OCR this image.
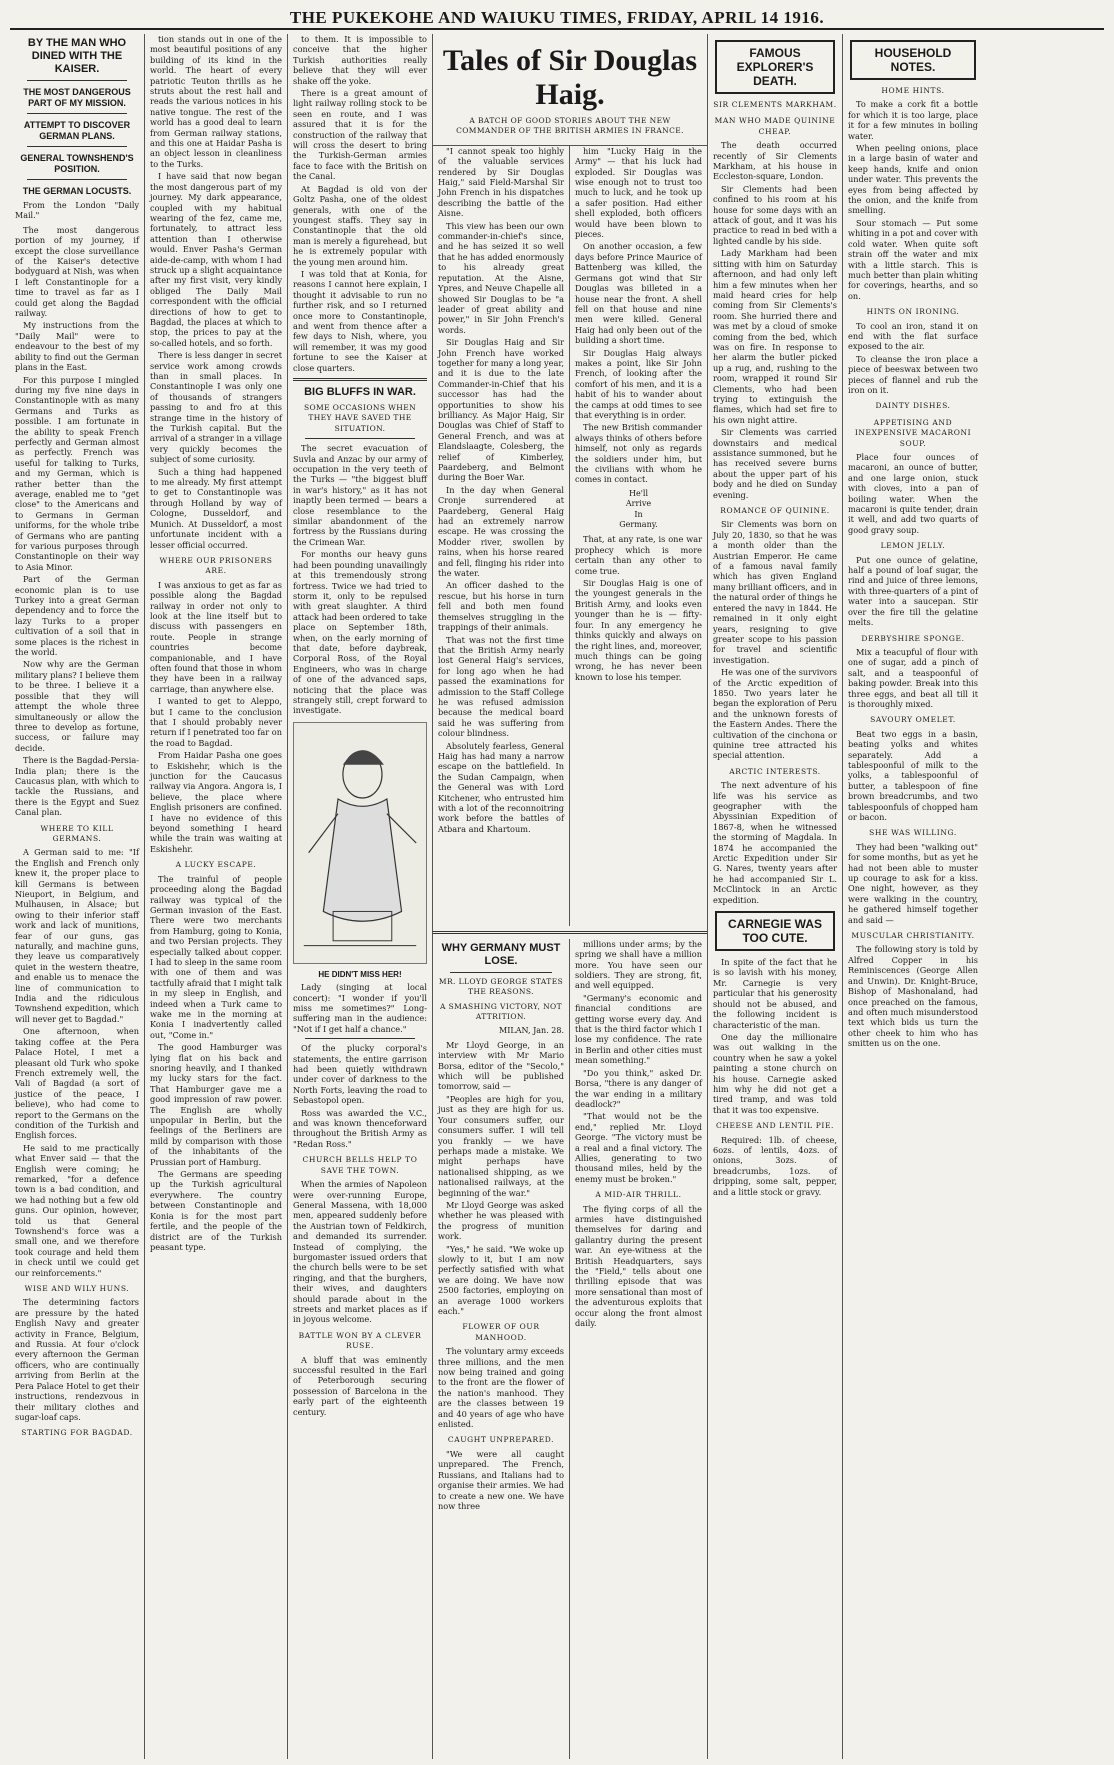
THE PUKEKOHE AND WAIUKU TIMES, FRIDAY, APRIL 14 1916.
BY THE MAN WHO DINED WITH THE KAISER.
THE MOST DANGEROUS PART OF MY MISSION.
ATTEMPT TO DISCOVER GERMAN PLANS.
GENERAL TOWNSHEND'S POSITION.
THE GERMAN LOCUSTS.
From the London "Daily Mail."

The most dangerous portion of my journey, if except the close surveillance of the Kaiser's detective bodyguard at Nish, was when I left Constantinople for a time to travel as far as I could get along the Bagdad railway.

My instructions from the "Daily Mail" were to endeavour to the best of my ability to find out the German plans in the East.

For this purpose I mingled during my five nine days in Constantinople with as many Germans and Turks as possible. I am fortunate in the ability to speak French perfectly and German almost as perfectly. French was useful for talking to Turks, and my German, which is rather better than the average, enabled me to "get close" to the Americans and to Germans in German uniforms, for the whole tribe of Germans who are panting for various purposes through Constantinople on their way to Asia Minor.

Part of the German economic plan is to use Turkey into a great German dependency and to force the lazy Turks to a proper cultivation of a soil that in some places is the richest in the world.

Now why are the German military plans? I believe them to be three. I believe it a possible that they will attempt the whole three simultaneously or allow the three to develop as fortune, success, or failure may decide.

There is the Bagdad-Persia-India plan; there is the Caucasus plan, with which to tackle the Russians, and there is the Egypt and Suez Canal plan.

WHERE TO KILL GERMANS.

A German said to me: "If the English and French only knew it, the proper place to kill Germans is between Nieuport, in Belgium, and Mulhausen, in Alsace; but owing to their inferior staff work and lack of munitions, fear of our guns, gas naturally, and machine guns, they leave us comparatively quiet in the western theatre, and enable us to menace the line of communication to India and the ridiculous Townshend expedition, which will never get to Bagdad."

One afternoon, when taking coffee at the Pera Palace Hotel, I met a pleasant old Turk who spoke French extremely well, the Vali of Bagdad (a sort of justice of the peace, I believe), who had come to report to the Germans on the condition of the Turkish and English forces.

He said to me practically what Enver said — that the English were coming; he remarked, "for a defence town is a bad condition, and we had nothing but a few old guns. Our opinion, however, told us that General Townshend's force was a small one, and we therefore took courage and held them in check until we could get our reinforcements."

WISE AND WILY HUNS.

The determining factors are pressure by the hated English Navy and greater activity in France, Belgium, and Russia. At four o'clock every afternoon the German officers, who are continually arriving from Berlin at the Pera Palace Hotel to get their instructions, rendezvous in their military clothes and sugar-loaf caps.

STARTING FOR BAGDAD.

tion stands out in one of the most beautiful positions of any building of its kind in the world. The heart of every patriotic Teuton thrills as he struts about the rest hall and reads the various notices in his native tongue. The rest of the world has a good deal to learn from German railway stations, and this one at Haidar Pasha is an object lesson in cleanliness to the Turks.

I have said that now began the most dangerous part of my journey. My dark appearance, coupled with my habitual wearing of the fez, came me, fortunately, to attract less attention than I otherwise would. Enver Pasha's German aide-de-camp, with whom I had struck up a slight acquaintance after my first visit, very kindly obliged The Daily Mail correspondent with the official directions of how to get to Bagdad, the places at which to stop, the prices to pay at the so-called hotels, and so forth.

There is less danger in secret service work among crowds than in small places. In Constantinople I was only one of thousands of strangers passing to and fro at this strange time in the history of the Turkish capital. But the arrival of a stranger in a village very quickly becomes the subject of some curiosity.

Such a thing had happened to me already. My first attempt to get to Constantinople was through Holland by way of Cologne, Dusseldorf, and Munich. At Dusseldorf, a most unfortunate incident with a lesser official occurred.

WHERE OUR PRISONERS ARE.

I was anxious to get as far as possible along the Bagdad railway in order not only to look at the line itself but to discuss with passengers en route. People in strange countries become companionable, and I have often found that those in whom they have been in a railway carriage, than anywhere else.

I wanted to get to Aleppo, but I came to the conclusion that I should probably never return if I penetrated too far on the road to Bagdad.

From Haidar Pasha one goes to Eskishehr, which is the junction for the Caucasus railway via Angora. Angora is, I believe, the place where English prisoners are confined. I have no evidence of this beyond something I heard while the train was waiting at Eskishehr.

A LUCKY ESCAPE.

The trainful of people proceeding along the Bagdad railway was typical of the German invasion of the East. There were two merchants from Hamburg, going to Konia, and two Persian projects. They especially talked about copper. I had to sleep in the same room with one of them and was tactfully afraid that I might talk in my sleep in English, and indeed when a Turk came to wake me in the morning at Konia I inadvertently called out, "Come in."

The good Hamburger was lying flat on his back and snoring heavily, and I thanked my lucky stars for the fact. That Hamburger gave me a good impression of raw power. The English are wholly unpopular in Berlin, but the feelings of the Berliners are mild by comparison with those of the inhabitants of the Prussian port of Hamburg.

The Germans are speeding up the Turkish agricultural everywhere. The country between Constantinople and Konia is for the most part fertile, and the people of the district are of the Turkish peasant type.

to them. It is impossible to conceive that the higher Turkish authorities really believe that they will ever shake off the yoke.

There is a great amount of light railway rolling stock to be seen en route, and I was assured that it is for the construction of the railway that will cross the desert to bring the Turkish-German armies face to face with the British on the Canal.

At Bagdad is old von der Goltz Pasha, one of the oldest generals, with one of the youngest staffs. They say in Constantinople that the old man is merely a figurehead, but he is extremely popular with the young men around him.

I was told that at Konia, for reasons I cannot here explain, I thought it advisable to run no further risk, and so I returned once more to Constantinople, and went from thence after a few days to Nish, where, you will remember, it was my good fortune to see the Kaiser at close quarters.

BIG BLUFFS IN WAR.
SOME OCCASIONS WHEN THEY HAVE SAVED THE SITUATION.

The secret evacuation of Suvla and Anzac by our army of occupation in the very teeth of the Turks — "the biggest bluff in war's history," as it has not inaptly been termed — bears a close resemblance to the similar abandonment of the fortress by the Russians during the Crimean War.

For months our heavy guns had been pounding unavailingly at this tremendously strong fortress. Twice we had tried to storm it, only to be repulsed with great slaughter. A third attack had been ordered to take place on September 18th, when, on the early morning of that date, before daybreak, Corporal Ross, of the Royal Engineers, who was in charge of one of the advanced saps, noticing that the place was strangely still, crept forward to investigate.

HE DIDN'T MISS HER!

Lady (singing at local concert): "I wonder if you'll miss me sometimes?" Long-suffering man in the audience: "Not if I get half a chance."

Of the plucky corporal's statements, the entire garrison had been quietly withdrawn under cover of darkness to the North Forts, leaving the road to Sebastopol open.

Ross was awarded the V.C., and was known thenceforward throughout the British Army as "Redan Ross."

CHURCH BELLS HELP TO SAVE THE TOWN.

When the armies of Napoleon were over-running Europe, General Massena, with 18,000 men, appeared suddenly before the Austrian town of Feldkirch, and demanded its surrender. Instead of complying, the burgomaster issued orders that the church bells were to be set ringing, and that the burghers, their wives, and daughters should parade about in the streets and market places as if in joyous welcome.

BATTLE WON BY A CLEVER RUSE.

A bluff that was eminently successful resulted in the Earl of Peterborough securing possession of Barcelona in the early part of the eighteenth century.

Tales of Sir Douglas Haig.
A BATCH OF GOOD STORIES ABOUT THE NEW COMMANDER OF THE BRITISH ARMIES IN FRANCE.

"I cannot speak too highly of the valuable services rendered by Sir Douglas Haig," said Field-Marshal Sir John French in his dispatches describing the battle of the Aisne.

This view has been our own commander-in-chief's since, and he has seized it so well that he has added enormously to his already great reputation. At the Aisne, Ypres, and Neuve Chapelle all showed Sir Douglas to be "a leader of great ability and power," in Sir John French's words.

Sir Douglas Haig and Sir John French have worked together for many a long year, and it is due to the late Commander-in-Chief that his successor has had the opportunities to show his brilliancy. As Major Haig, Sir Douglas was Chief of Staff to General French, and was at Elandslaagte, Colesberg, the relief of Kimberley, Paardeberg, and Belmont during the Boer War.

In the day when General Cronje surrendered at Paardeberg, General Haig had an extremely narrow escape. He was crossing the Modder river, swollen by rains, when his horse reared and fell, flinging his rider into the water.

An officer dashed to the rescue, but his horse in turn fell and both men found themselves struggling in the trappings of their animals.

That was not the first time that the British Army nearly lost General Haig's services, for long ago when he had passed the examinations for admission to the Staff College he was refused admission because the medical board said he was suffering from colour blindness.

Absolutely fearless, General Haig has had many a narrow escape on the battlefield. In the Sudan Campaign, when the General was with Lord Kitchener, who entrusted him with a lot of the reconnoitring work before the battles of Atbara and Khartoum.

him "Lucky Haig in the Army" — that his luck had exploded. Sir Douglas was wise enough not to trust too much to luck, and he took up a safer position. Had either shell exploded, both officers would have been blown to pieces.

On another occasion, a few days before Prince Maurice of Battenberg was killed, the Germans got wind that Sir Douglas was billeted in a house near the front. A shell fell on that house and nine men were killed. General Haig had only been out of the building a short time.

Sir Douglas Haig always makes a point, like Sir John French, of looking after the comfort of his men, and it is a habit of his to wander about the camps at odd times to see that everything is in order.

The new British commander always thinks of others before himself, not only as regards the soldiers under him, but the civilians with whom he comes in contact.

He'll
Arrive
In
Germany.

That, at any rate, is one war prophecy which is more certain than any other to come true.

Sir Douglas Haig is one of the youngest generals in the British Army, and looks even younger than he is — fifty-four. In any emergency he thinks quickly and always on the right lines, and, moreover, much things can be going wrong, he has never been known to lose his temper.

WHY GERMANY MUST LOSE.
MR. LLOYD GEORGE STATES THE REASONS.
A SMASHING VICTORY, NOT ATTRITION.
MILAN, Jan. 28.

Mr Lloyd George, in an interview with Mr Mario Borsa, editor of the "Secolo," which will be published tomorrow, said —

"Peoples are high for you, just as they are high for us. Your consumers suffer, our consumers suffer. I will tell you frankly — we have perhaps made a mistake. We might perhaps have nationalised shipping, as we nationalised railways, at the beginning of the war."

Mr Lloyd George was asked whether he was pleased with the progress of munition work.

"Yes," he said. "We woke up slowly to it, but I am now perfectly satisfied with what we are doing. We have now 2500 factories, employing on an average 1000 workers each."

FLOWER OF OUR MANHOOD.

The voluntary army exceeds three millions, and the men now being trained and going to the front are the flower of the nation's manhood. They are the classes between 19 and 40 years of age who have enlisted.

CAUGHT UNPREPARED.

"We were all caught unprepared. The French, Russians, and Italians had to organise their armies. We had to create a new one. We have now three

millions under arms; by the spring we shall have a million more. You have seen our soldiers. They are strong, fit, and well equipped.

"Germany's economic and financial conditions are getting worse every day. And that is the third factor which I lose my confidence. The rate in Berlin and other cities must mean something."

"Do you think," asked Dr. Borsa, "there is any danger of the war ending in a military deadlock?"

"That would not be the end," replied Mr. Lloyd George. "The victory must be a real and a final victory. The Allies, generating to two thousand miles, held by the enemy must be broken."

A MID-AIR THRILL.

The flying corps of all the armies have distinguished themselves for daring and gallantry during the present war. An eye-witness at the British Headquarters, says the "Field," tells about one thrilling episode that was more sensational than most of the adventurous exploits that occur along the front almost daily.

FAMOUS EXPLORER'S DEATH.
SIR CLEMENTS MARKHAM.
MAN WHO MADE QUININE CHEAP.

The death occurred recently of Sir Clements Markham, at his house in Eccleston-square, London.

Sir Clements had been confined to his room at his house for some days with an attack of gout, and it was his practice to read in bed with a lighted candle by his side.

Lady Markham had been sitting with him on Saturday afternoon, and had only left him a few minutes when her maid heard cries for help coming from Sir Clements's room. She hurried there and was met by a cloud of smoke coming from the bed, which was on fire. In response to her alarm the butler picked up a rug, and, rushing to the room, wrapped it round Sir Clements, who had been trying to extinguish the flames, which had set fire to his own night attire.

Sir Clements was carried downstairs and medical assistance summoned, but he has received severe burns about the upper part of his body and he died on Sunday evening.

ROMANCE OF QUININE.

Sir Clements was born on July 20, 1830, so that he was a month older than the Austrian Emperor. He came of a famous naval family which has given England many brilliant officers, and in the natural order of things he entered the navy in 1844. He remained in it only eight years, resigning to give greater scope to his passion for travel and scientific investigation.

He was one of the survivors of the Arctic expedition of 1850. Two years later he began the exploration of Peru and the unknown forests of the Eastern Andes. There the cultivation of the cinchona or quinine tree attracted his special attention.

ARCTIC INTERESTS.

The next adventure of his life was his service as geographer with the Abyssinian Expedition of 1867-8, when he witnessed the storming of Magdala. In 1874 he accompanied the Arctic Expedition under Sir G. Nares, twenty years after he had accompanied Sir L. McClintock in an Arctic expedition.

CARNEGIE WAS TOO CUTE.

In spite of the fact that he is so lavish with his money, Mr. Carnegie is very particular that his generosity should not be abused, and the following incident is characteristic of the man.

One day the millionaire was out walking in the country when he saw a yokel painting a stone church on his house. Carnegie asked him why he did not get a tired tramp, and was told that it was too expensive.

CHEESE AND LENTIL PIE.

Required: 1lb. of cheese, 6ozs. of lentils, 4ozs. of onions, 3ozs. of breadcrumbs, 1ozs. of dripping, some salt, pepper, and a little stock or gravy.

HOUSEHOLD NOTES.
HOME HINTS.

To make a cork fit a bottle for which it is too large, place it for a few minutes in boiling water.

When peeling onions, place in a large basin of water and keep hands, knife and onion under water. This prevents the eyes from being affected by the onion, and the knife from smelling.

Sour stomach — Put some whiting in a pot and cover with cold water. When quite soft strain off the water and mix with a little starch. This is much better than plain whiting for coverings, hearths, and so on.

HINTS ON IRONING.

To cool an iron, stand it on end with the flat surface exposed to the air.

To cleanse the iron place a piece of beeswax between two pieces of flannel and rub the iron on it.

DAINTY DISHES.
APPETISING AND INEXPENSIVE MACARONI SOUP.

Place four ounces of macaroni, an ounce of butter, and one large onion, stuck with cloves, into a pan of boiling water. When the macaroni is quite tender, drain it well, and add two quarts of good gravy soup.

LEMON JELLY.

Put one ounce of gelatine, half a pound of loaf sugar, the rind and juice of three lemons, with three-quarters of a pint of water into a saucepan. Stir over the fire till the gelatine melts.

DERBYSHIRE SPONGE.

Mix a teacupful of flour with one of sugar, add a pinch of salt, and a teaspoonful of baking powder. Break into this three eggs, and beat all till it is thoroughly mixed.

SAVOURY OMELET.

Beat two eggs in a basin, beating yolks and whites separately. Add a tablespoonful of milk to the yolks, a tablespoonful of butter, a tablespoon of fine brown breadcrumbs, and two tablespoonfuls of chopped ham or bacon.

SHE WAS WILLING.

They had been "walking out" for some months, but as yet he had not been able to muster up courage to ask for a kiss. One night, however, as they were walking in the country, he gathered himself together and said —

MUSCULAR CHRISTIANITY.

The following story is told by Alfred Copper in his Reminiscences (George Allen and Unwin). Dr. Knight-Bruce, Bishop of Mashonaland, had once preached on the famous, and often much misunderstood text which bids us turn the other cheek to him who has smitten us on the one.
